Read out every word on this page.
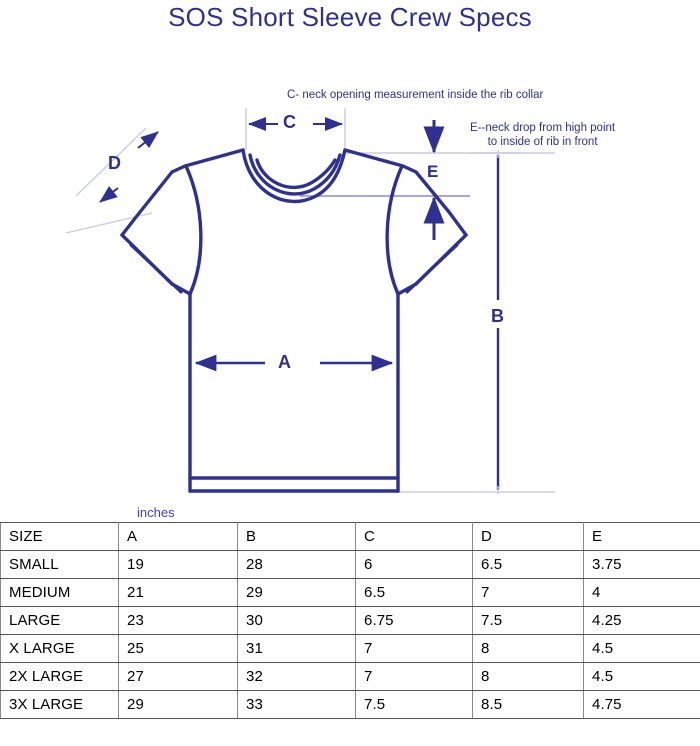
SOS Short Sleeve Crew Specs
C- neck opening measurement inside the rib collar
E--neck drop from high point
to inside of rib in front
C
D	E
A
B
inches
SIZE	A	B	C	D	E
SMALL	19	28	6	6.5	3.75
MEDIUM	21	29	6.5	7	4
LARGE	23	30	6.75	7.5	4.25
X LARGE	25	31	7	8	4.5
2X LARGE	27	32	7	8	4.5
3X LARGE	29	33	7.5	8.5	4.75
